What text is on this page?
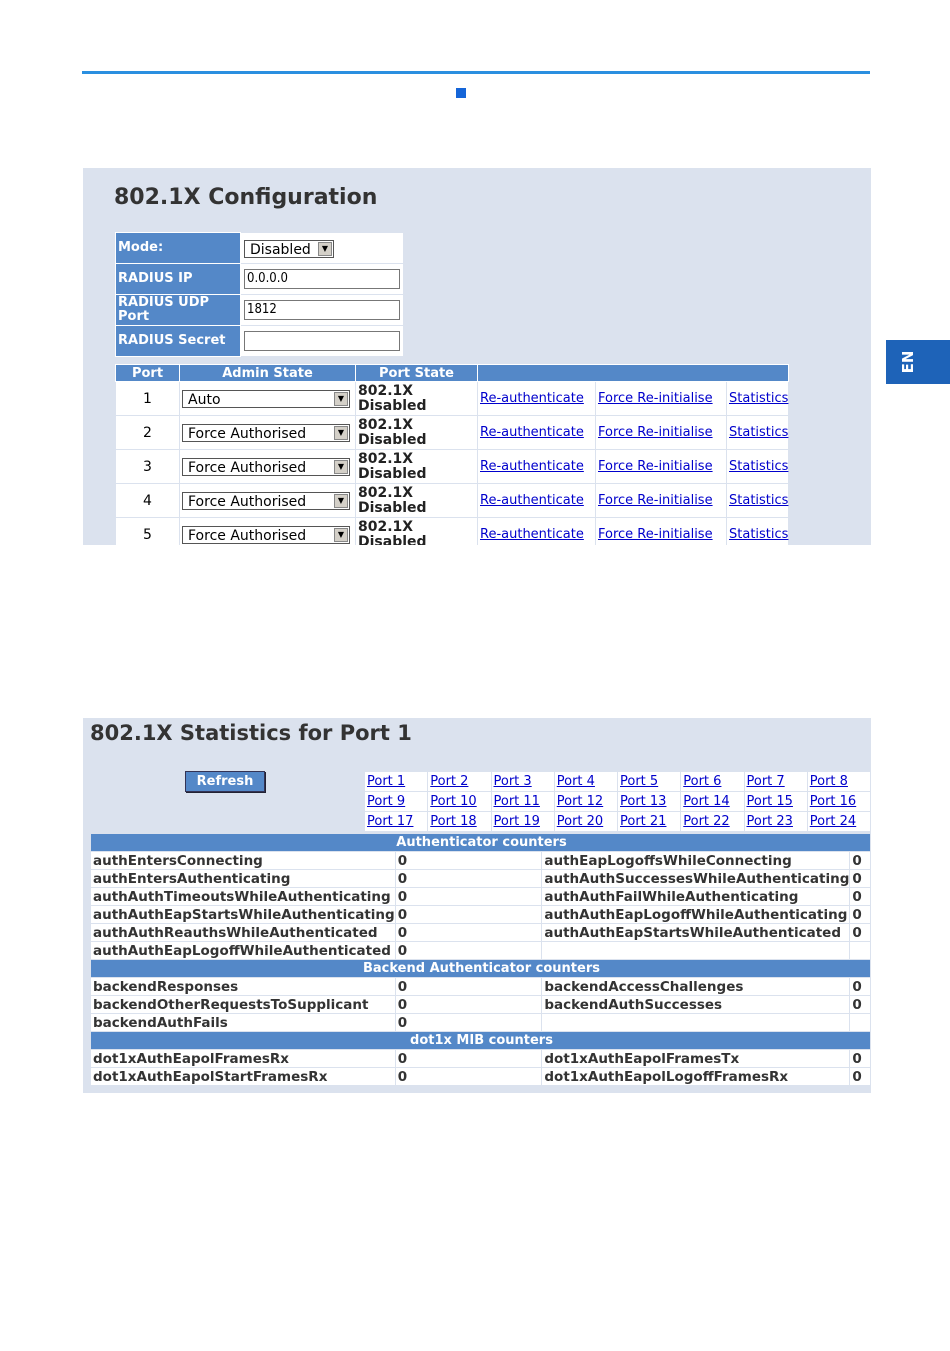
EN
802.1X Configuration
Mode:	Disabled ▼

RADIUS IP	0.0.0.0

RADIUS UDP Port	1812

RADIUS Secret	
Port	Admin State	Port State			
1	Auto ▼	802.1X Disabled	Re-authenticate	Force Re-initialise	Statistics
2	Force Authorised ▼	802.1X Disabled	Re-authenticate	Force Re-initialise	Statistics
3	Force Authorised ▼	802.1X Disabled	Re-authenticate	Force Re-initialise	Statistics
4	Force Authorised ▼	802.1X Disabled	Re-authenticate	Force Re-initialise	Statistics
5	Force Authorised ▼	802.1X Disabled	Re-authenticate	Force Re-initialise	Statistics
802.1X Statistics for Port 1
Refresh	Port 1	Port 2	Port 3	Port 4	Port 5	Port 6	Port 7	Port 8
Port 9	Port 10	Port 11	Port 12	Port 13	Port 14	Port 15	Port 16
Port 17	Port 18	Port 19	Port 20	Port 21	Port 22	Port 23	Port 24
Authenticator counters			
authEntersConnecting	0	authEapLogoffsWhileConnecting	0
authEntersAuthenticating	0	authAuthSuccessesWhileAuthenticating	0
authAuthTimeoutsWhileAuthenticating	0	authAuthFailWhileAuthenticating	0
authAuthEapStartsWhileAuthenticating	0	authAuthEapLogoffWhileAuthenticating	0
authAuthReauthsWhileAuthenticated	0	authAuthEapStartsWhileAuthenticated	0
authAuthEapLogoffWhileAuthenticated	0		
Backend Authenticator counters			
backendResponses	0	backendAccessChallenges	0
backendOtherRequestsToSupplicant	0	backendAuthSuccesses	0
backendAuthFails	0		
dot1x MIB counters			
dot1xAuthEapolFramesRx	0	dot1xAuthEapolFramesTx	0
dot1xAuthEapolStartFramesRx	0	dot1xAuthEapolLogoffFramesRx	0
